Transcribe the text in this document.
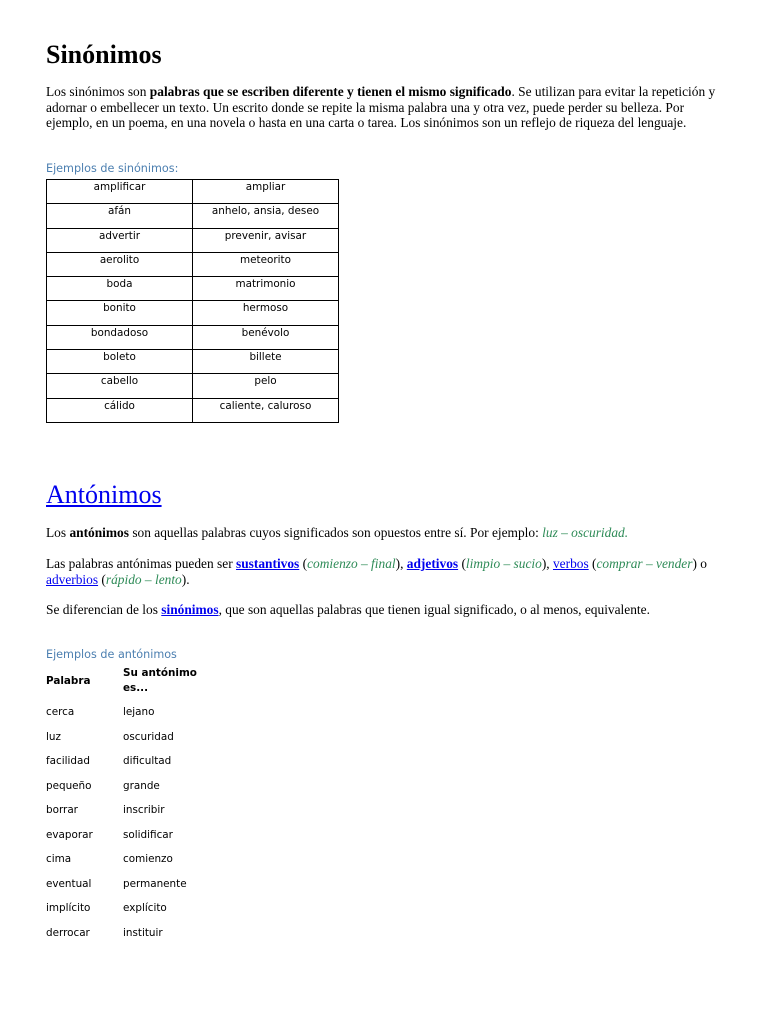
Sinónimos

Los sinónimos son palabras que se escriben diferente y tienen el mismo significado. Se utilizan para evitar la repetición y adornar o embellecer un texto. Un escrito donde se repite la misma palabra una y otra vez, puede perder su belleza. Por ejemplo, en un poema, en una novela o hasta en una carta o tarea. Los sinónimos son un reflejo de riqueza del lenguaje.

Ejemplos de sinónimos:

amplificar	ampliar
afán	anhelo, ansia, deseo
advertir	prevenir, avisar
aerolito	meteorito
boda	matrimonio
bonito	hermoso
bondadoso	benévolo
boleto	billete
cabello	pelo
cálido	caliente, caluroso
Antónimos

Los antónimos son aquellas palabras cuyos significados son opuestos entre sí. Por ejemplo: luz – oscuridad.

Las palabras antónimas pueden ser sustantivos (comienzo – final), adjetivos (limpio – sucio), verbos (comprar – vender) o adverbios (rápido – lento).

Se diferencian de los sinónimos, que son aquellas palabras que tienen igual significado, o al menos, equivalente.

Ejemplos de antónimos

Palabra	Su antónimo es...
cerca	lejano
luz	oscuridad
facilidad	dificultad
pequeño	grande
borrar	inscribir
evaporar	solidificar
cima	comienzo
eventual	permanente
implícito	explícito
derrocar	instituir
